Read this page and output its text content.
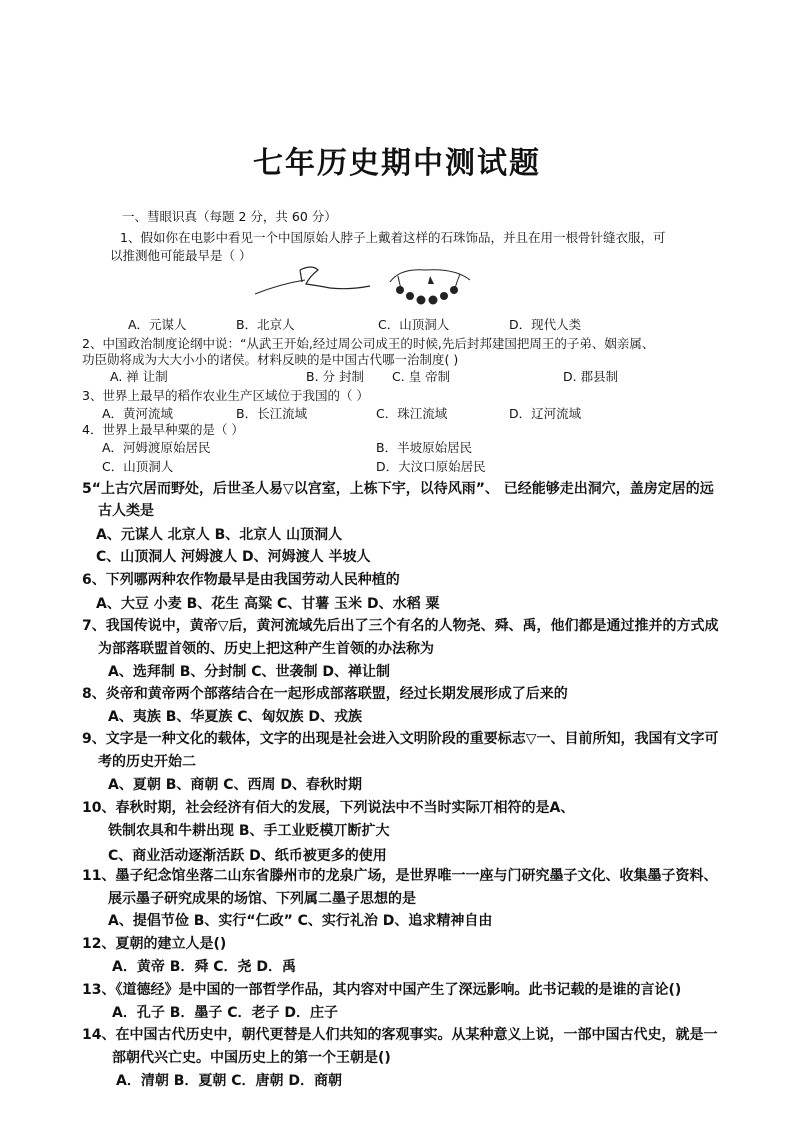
七年历史期中测试题
一、彗眼识真（每题 2 分，共 60 分）
1、假如你在电影中看见一个中国原始人脖子上戴着这样的石珠饰品，并且在用一根骨针缝衣服，可
以推测他可能最早是（ ）
A．元谋人	B．北京人	C．山顶洞人	D．现代人类
2、中国政治制度论纲中说：“从武王开始,经过周公司成王的时候,先后封邦建国把周王的子弟、姻亲属、
功臣勋将成为大大小小的诸侯。材料反映的是中国古代哪一治制度( )
A. 禅 让制	B. 分 封制 C. 皇 帝制	D. 郡县制
3、世界上最早的稻作农业生产区域位于我国的（ ）
A．黄河流域	B．长江流域	C．珠江流域	D．辽河流域
4．世界上最早种粟的是（ ）
A．河姆渡原始居民	B．半坡原始居民
C．山顶洞人	D．大汶口原始居民
5“上古穴居而野处，后世圣人易▽以宫室，上栋下宇，以待风雨”、 已经能够走出洞穴，盖房定居的远
古人类是
A、元谋人 北京人 B、北京人 山顶洞人
C、山顶洞人 河姆渡人 D、河姆渡人 半坡人
6、下列哪两种农作物最早是由我国劳动人民种植的
A、大豆 小麦 B、花生 高粱 C、甘薯 玉米 D、水稻 粟
7、我国传说中，黄帝▽后，黄河流域先后出了三个有名的人物尧、舜、禹，他们都是通过推并的方式成
为部落联盟首领的、历史上把这种产生首领的办法称为
A、选拜制 B、分封制 C、世袭制 D、禅让制
8、炎帝和黄帝两个部落结合在一起形成部落联盟，经过长期发展形成了后来的
A、夷族 B、华夏族 C、匈奴族 D、戎族
9、文字是一种文化的载体，文字的出现是社会进入文明阶段的重要标志▽一、目前所知，我国有文字可
考的历史开始二
A、夏朝 B、商朝 C、西周 D、春秋时期
10、春秋时期，社会经济有佰大的发展，下列说法中不当时实际丌相符的是A、
铁制农具和牛耕出现 B、手工业贬模丌断扩大
C、商业活动逐渐活跃 D、纸币被更多的使用
11、墨子纪念馆坐落二山东省滕州市的龙泉广场，是世界唯一一座与门研究墨子文化、收集墨子资料、
展示墨子研究成果的场馆、下列属二墨子思想的是
A、提倡节俭 B、实行“仁政” C、实行礼治 D、追求精神自由
12、夏朝的建立人是()
A．黄帝 B．舜 C．尧 D．禹
13、《道德经》是中国的一部哲学作品，其内容对中国产生了深远影响。此书记载的是谁的言论()
A．孔子 B．墨子 C．老子 D．庄子
14、在中国古代历史中，朝代更替是人们共知的客观事实。从某种意义上说，一部中国古代史，就是一
部朝代兴亡史。中国历史上的第一个王朝是()
A．清朝 B．夏朝 C．唐朝 D．商朝
